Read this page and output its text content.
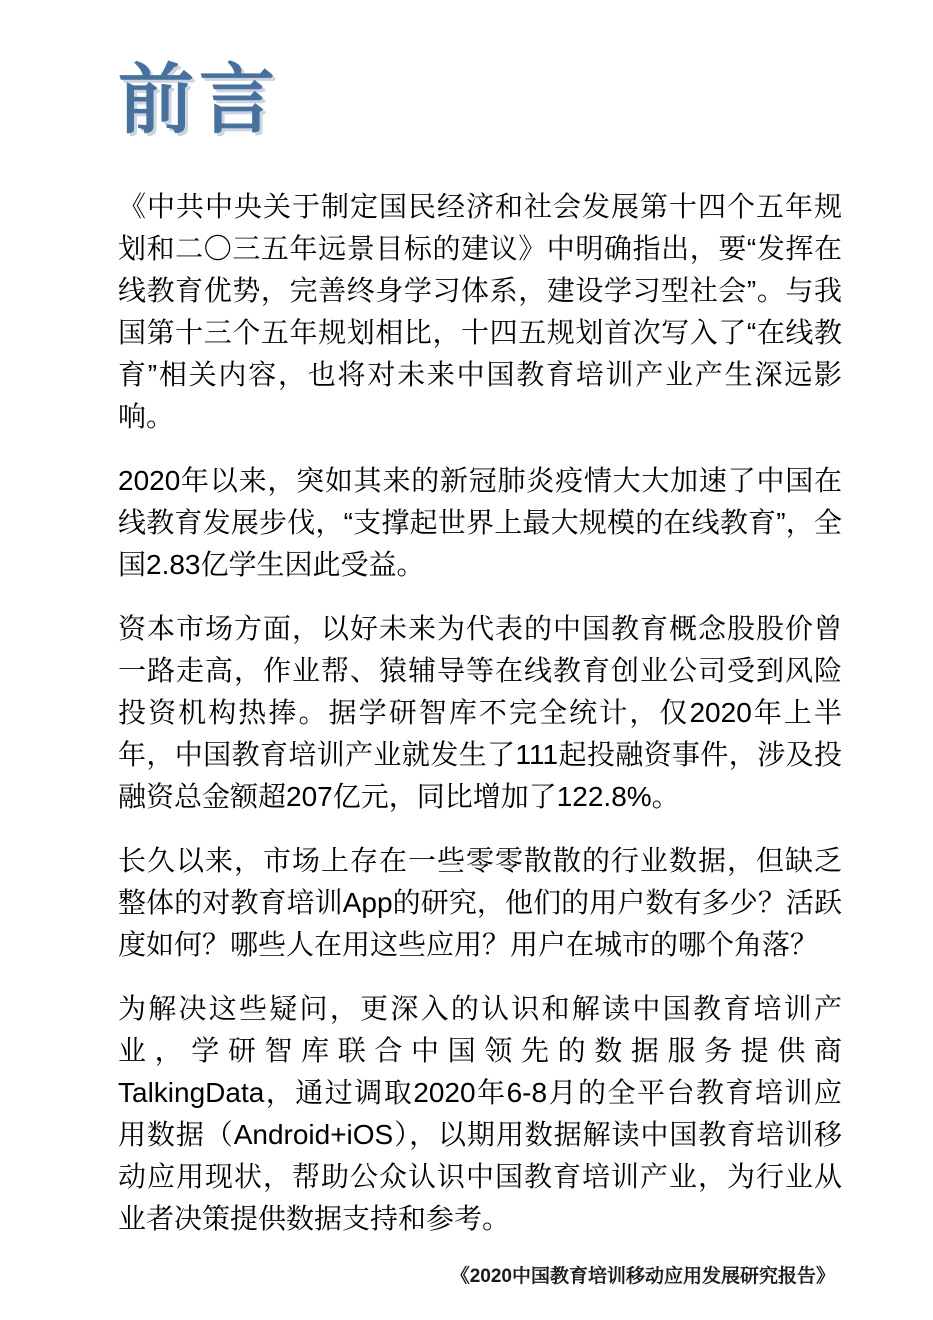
前言

《中共中央关于制定国民经济和社会发展第十四个五年规划和二〇三五年远景目标的建议》中明确指出，要“发挥在线教育优势，完善终身学习体系，建设学习型社会”。与我国第十三个五年规划相比，十四五规划首次写入了“在线教育”相关内容，也将对未来中国教育培训产业产生深远影响。

2020年以来，突如其来的新冠肺炎疫情大大加速了中国在线教育发展步伐，“支撑起世界上最大规模的在线教育”，全国2.83亿学生因此受益。

资本市场方面，以好未来为代表的中国教育概念股股价曾一路走高，作业帮、猿辅导等在线教育创业公司受到风险投资机构热捧。据学研智库不完全统计，仅2020年上半年，中国教育培训产业就发生了111起投融资事件，涉及投融资总金额超207亿元，同比增加了122.8%。

长久以来，市场上存在一些零零散散的行业数据，但缺乏整体的对教育培训App的研究，他们的用户数有多少？活跃度如何？哪些人在用这些应用？用户在城市的哪个角落？

为解决这些疑问，更深入的认识和解读中国教育培训产业，学研智库联合中国领先的数据服务提供商TalkingData，通过调取2020年6-8月的全平台教育培训应用数据（Android+iOS），以期用数据解读中国教育培训移动应用现状，帮助公众认识中国教育培训产业，为行业从业者决策提供数据支持和参考。

《2020中国教育培训移动应用发展研究报告》
